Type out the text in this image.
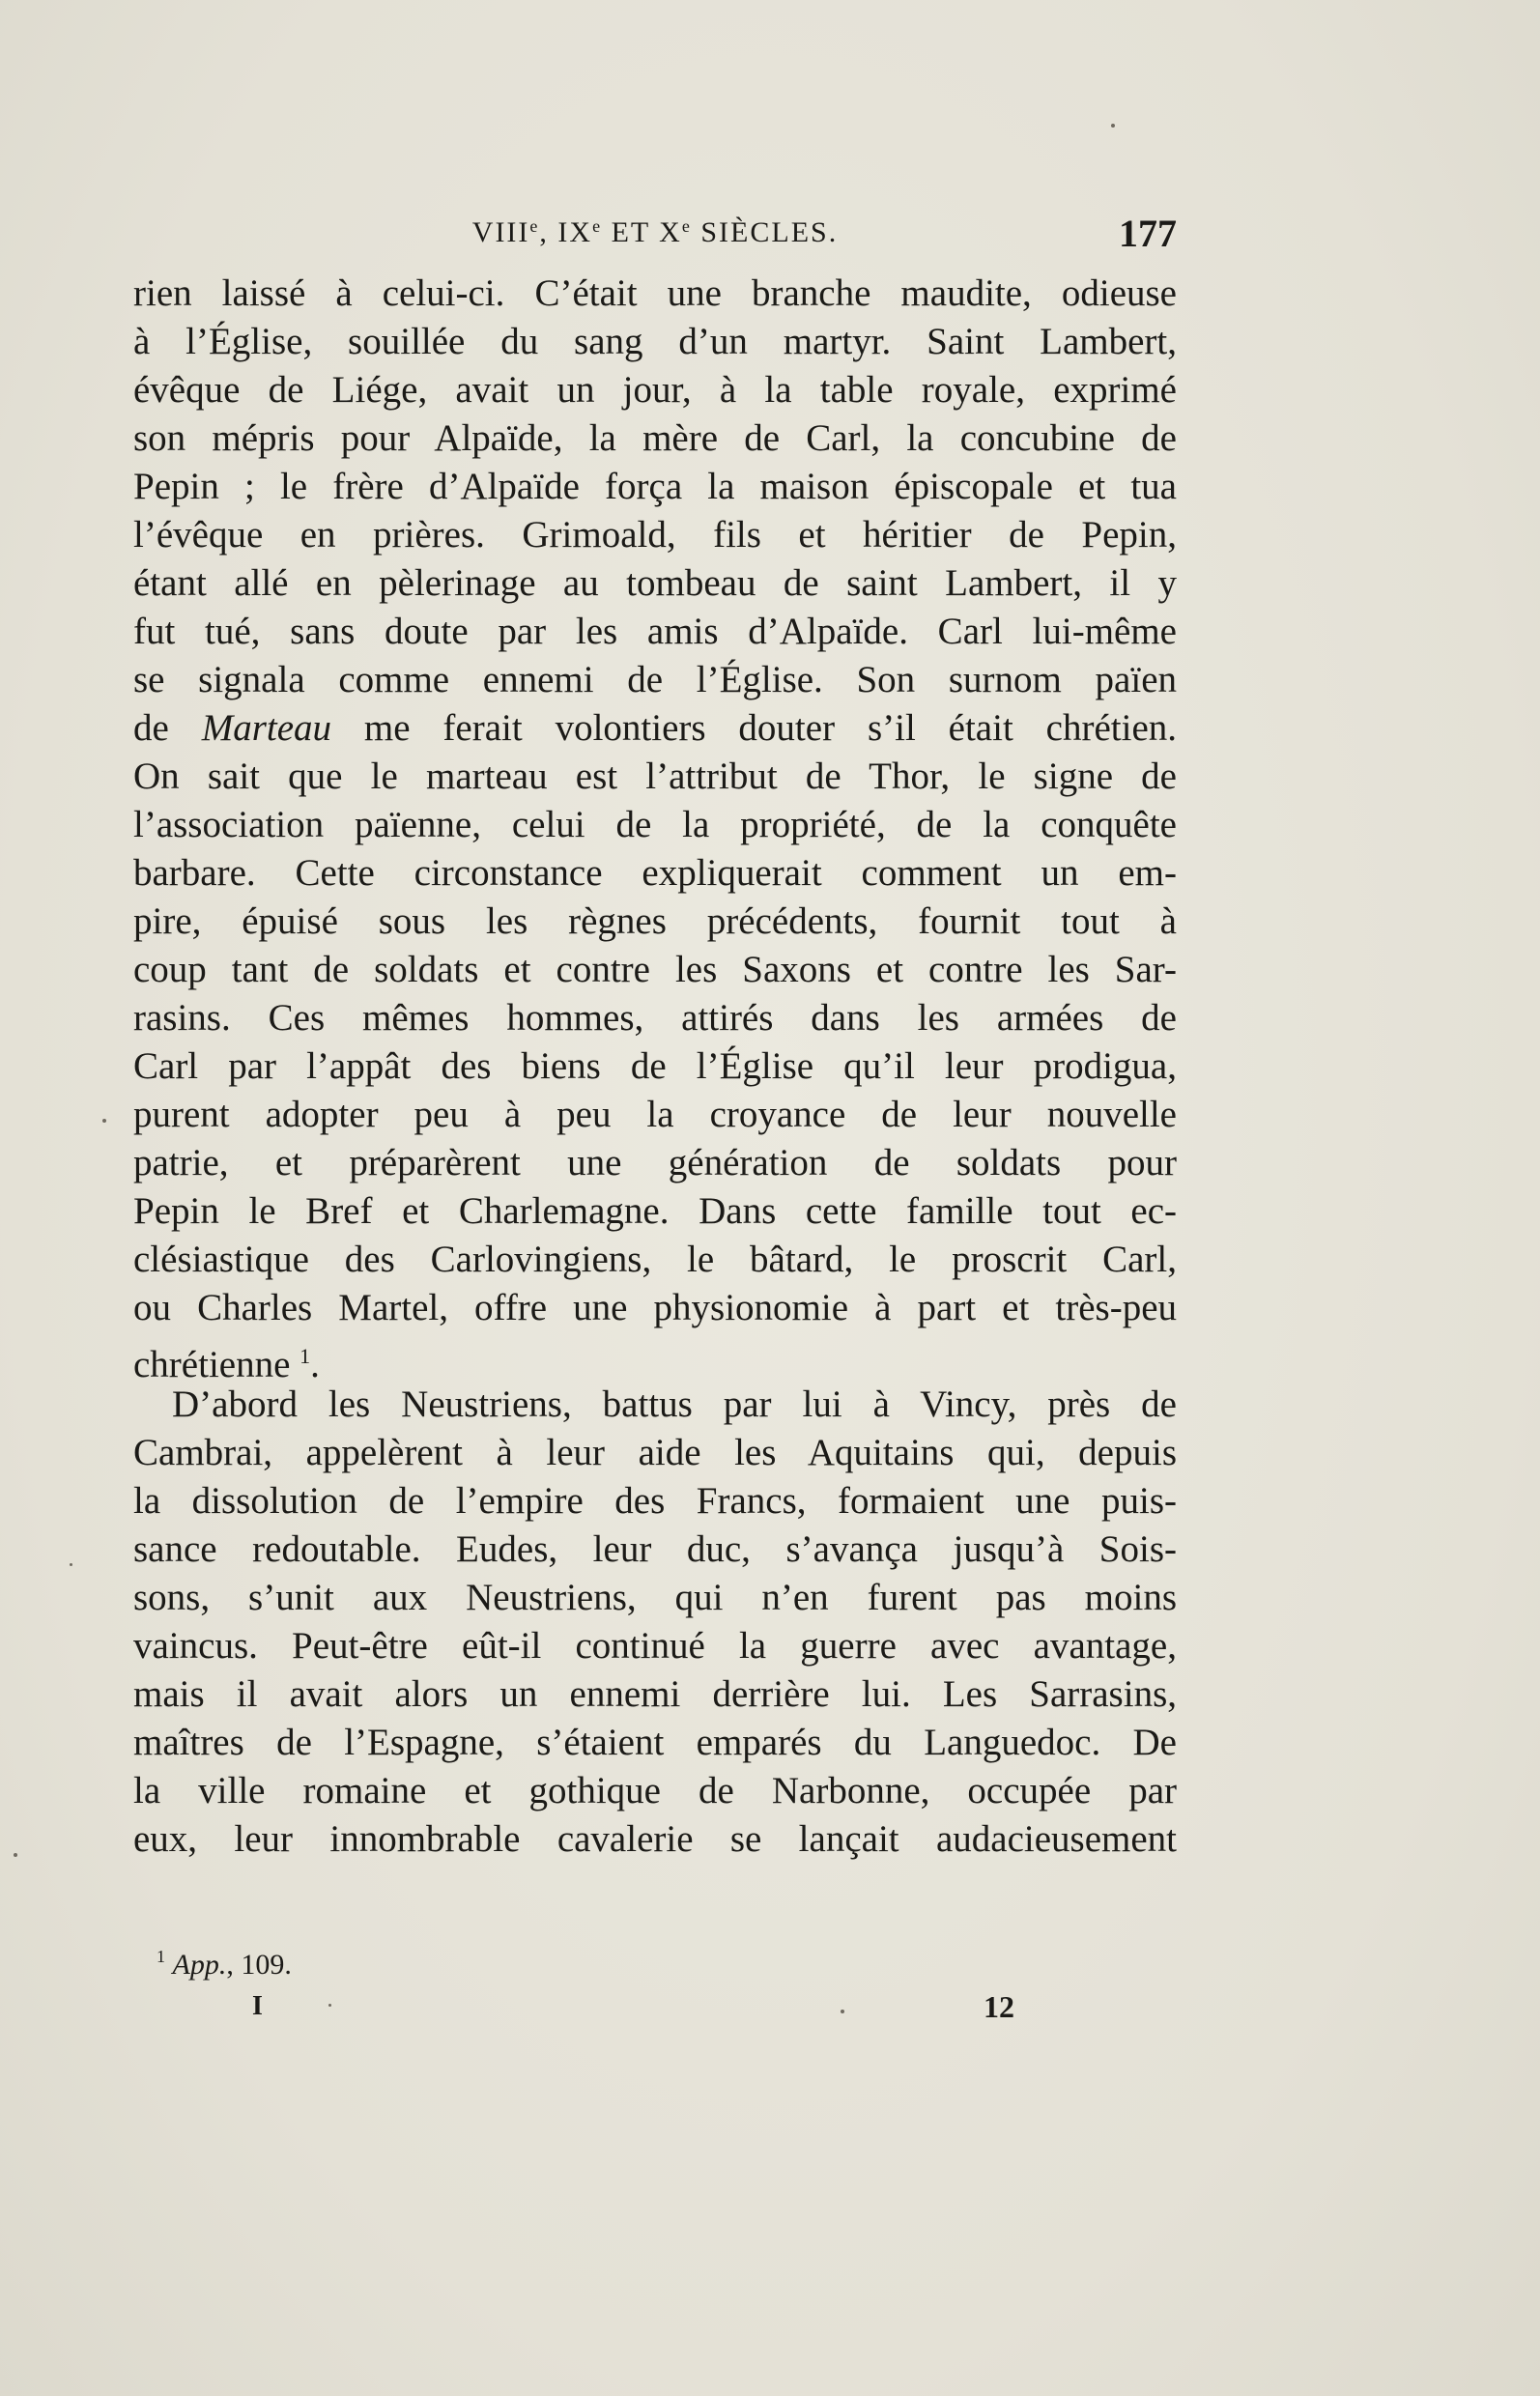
VIIIe, IXe ET Xe SIÈCLES.	177
rien laissé à celui-ci. C’était une branche maudite, odieuse
à l’Église, souillée du sang d’un martyr. Saint Lambert,
évêque de Liége, avait un jour, à la table royale, exprimé
son mépris pour Alpaïde, la mère de Carl, la concubine de
Pepin ; le frère d’Alpaïde força la maison épiscopale et tua
l’évêque en prières. Grimoald, fils et héritier de Pepin,
étant allé en pèlerinage au tombeau de saint Lambert, il y
fut tué, sans doute par les amis d’Alpaïde. Carl lui-même
se signala comme ennemi de l’Église. Son surnom païen
de Marteau me ferait volontiers douter s’il était chrétien.
On sait que le marteau est l’attribut de Thor, le signe de
l’association païenne, celui de la propriété, de la conquête
barbare. Cette circonstance expliquerait comment un em-
pire, épuisé sous les règnes précédents, fournit tout à
coup tant de soldats et contre les Saxons et contre les Sar-
rasins. Ces mêmes hommes, attirés dans les armées de
Carl par l’appât des biens de l’Église qu’il leur prodigua,
purent adopter peu à peu la croyance de leur nouvelle
patrie, et préparèrent une génération de soldats pour
Pepin le Bref et Charlemagne. Dans cette famille tout ec-
clésiastique des Carlovingiens, le bâtard, le proscrit Carl,
ou Charles Martel, offre une physionomie à part et très-peu
chrétienne $^1$.
D’abord les Neustriens, battus par lui à Vincy, près de
Cambrai, appelèrent à leur aide les Aquitains qui, depuis
la dissolution de l’empire des Francs, formaient une puis-
sance redoutable. Eudes, leur duc, s’avança jusqu’à Sois-
sons, s’unit aux Neustriens, qui n’en furent pas moins
vaincus. Peut-être eût-il continué la guerre avec avantage,
mais il avait alors un ennemi derrière lui. Les Sarrasins,
maîtres de l’Espagne, s’étaient emparés du Languedoc. De
la ville romaine et gothique de Narbonne, occupée par
eux, leur innombrable cavalerie se lançait audacieusement
$^1$ App., 109.
I	12
